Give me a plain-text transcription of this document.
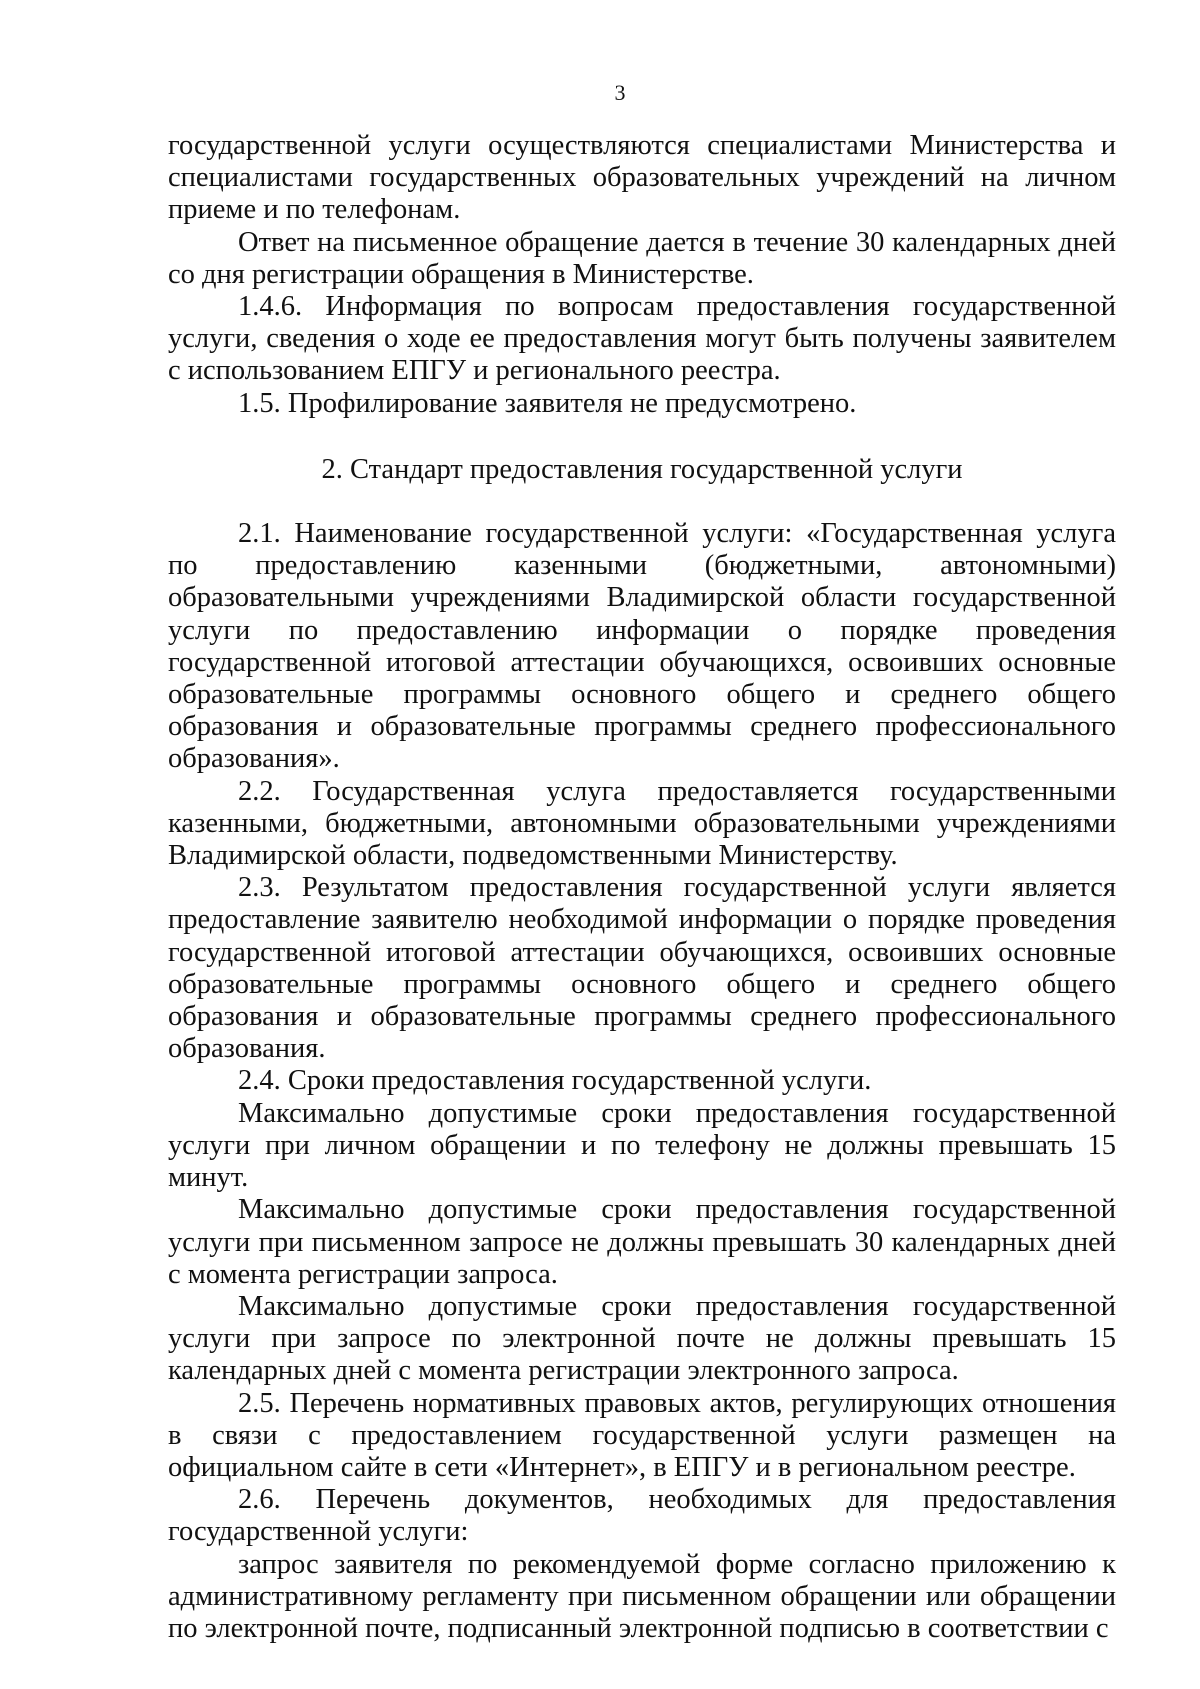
3

государственной услуги осуществляются специалистами Министерства и специалистами государственных образовательных учреждений на личном приеме и по телефонам.

Ответ на письменное обращение дается в течение 30 календарных дней со дня регистрации обращения в Министерстве.

1.4.6. Информация по вопросам предоставления государственной услуги, сведения о ходе ее предоставления могут быть получены заявителем с использованием ЕПГУ и регионального реестра.

1.5. Профилирование заявителя не предусмотрено.

2. Стандарт предоставления государственной услуги

2.1. Наименование государственной услуги: «Государственная услуга по предоставлению казенными (бюджетными, автономными) образовательными учреждениями Владимирской области государственной услуги по предоставлению информации о порядке проведения государственной итоговой аттестации обучающихся, освоивших основные образовательные программы основного общего и среднего общего образования и образовательные программы среднего профессионального образования».

2.2. Государственная услуга предоставляется государственными казенными, бюджетными, автономными образовательными учреждениями Владимирской области, подведомственными Министерству.

2.3. Результатом предоставления государственной услуги является предоставление заявителю необходимой информации о порядке проведения государственной итоговой аттестации обучающихся, освоивших основные образовательные программы основного общего и среднего общего образования и образовательные программы среднего профессионального образования.

2.4. Сроки предоставления государственной услуги.

Максимально допустимые сроки предоставления государственной услуги при личном обращении и по телефону не должны превышать 15 минут.

Максимально допустимые сроки предоставления государственной услуги при письменном запросе не должны превышать 30 календарных дней с момента регистрации запроса.

Максимально допустимые сроки предоставления государственной услуги при запросе по электронной почте не должны превышать 15 календарных дней с момента регистрации электронного запроса.

2.5. Перечень нормативных правовых актов, регулирующих отношения в связи с предоставлением государственной услуги размещен на официальном сайте в сети «Интернет», в ЕПГУ и в региональном реестре.

2.6. Перечень документов, необходимых для предоставления государственной услуги:

запрос заявителя по рекомендуемой форме согласно приложению к административному регламенту при письменном обращении или обращении по электронной почте, подписанный электронной подписью в соответствии с
